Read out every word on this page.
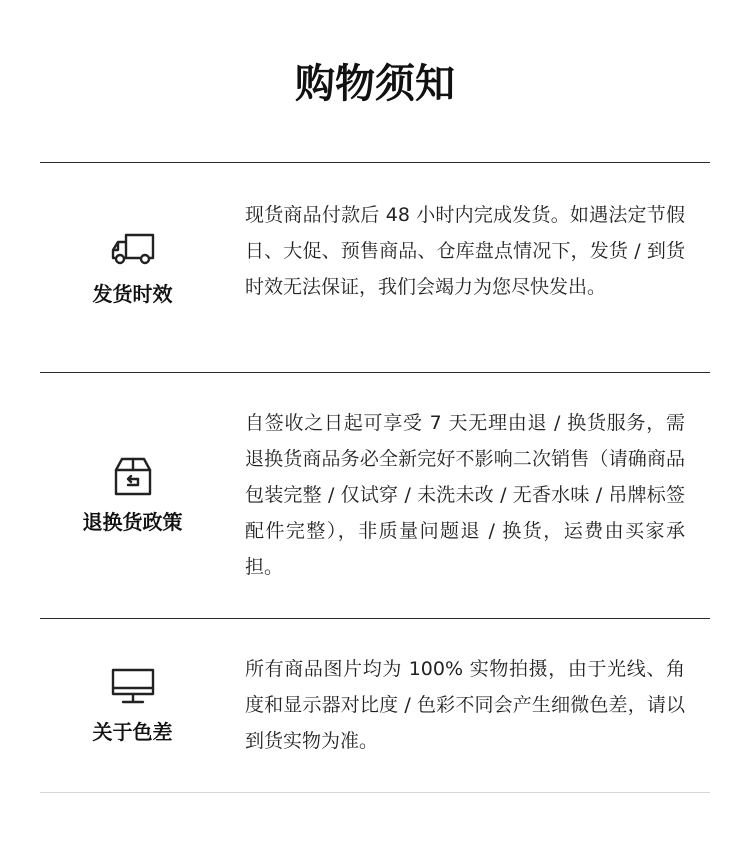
购物须知
发货时效
现货商品付款后 48 小时内完成发货。如遇法定节假日、大促、预售商品、仓库盘点情况下，发货 / 到货时效无法保证，我们会竭力为您尽快发出。
退换货政策
自签收之日起可享受 7 天无理由退 / 换货服务，需退换货商品务必全新完好不影响二次销售（请确商品包装完整 / 仅试穿 / 未洗未改 / 无香水味 / 吊牌标签配件完整），非质量问题退 / 换货，运费由买家承担。
关于色差
所有商品图片均为 100% 实物拍摄，由于光线、角度和显示器对比度 / 色彩不同会产生细微色差，请以到货实物为准。
